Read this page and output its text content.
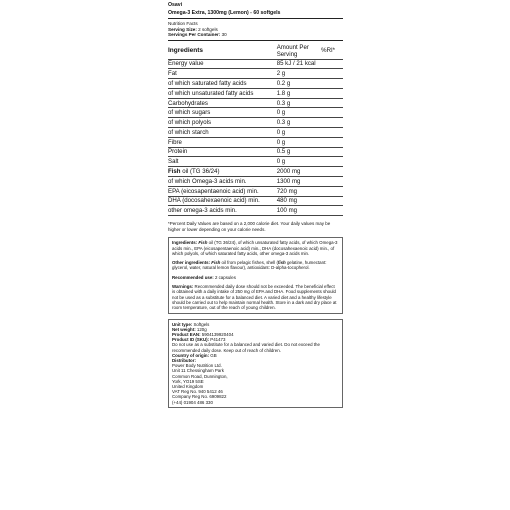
Osavi
Omega-3 Extra, 1300mg (Lemon) - 60 softgels
Nutrition Facts
Serving Size: 2 softgels
Servings Per Container: 30
Ingredients	Amount Per Serving	%RI*
Energy value	85 kJ / 21 kcal	
Fat	2 g	
of which saturated fatty acids	0.2 g	
of which unsaturated fatty acids	1.8 g	
Carbohydrates	0.3 g	
of which sugars	0 g	
of which polyols	0.3 g	
of which starch	0 g	
Fibre	0 g	
Protein	0.5 g	
Salt	0 g	
Fish oil (TG 36/24)	2000 mg	
of which Omega-3 acids min.	1300 mg	
EPA (eicosapentaenoic acid) min.	720 mg	
DHA (docosahexaenoic acid) min.	480 mg	
other omega-3 acids min.	100 mg	
*Percent Daily Values are based on a 2,000 calorie diet. Your daily values may be higher or lower depending on your calorie needs.

Ingredients: Fish oil (TG 36/24), of which unsaturated fatty acids, of which Omega-3 acids min., EPA (eicosapentaenoic acid) min., DHA (docosahexaenoic acid) min., of which polyols, of which saturated fatty acids, other omega-3 acids min.

Other ingredients: Fish oil from pelagic fishes, shell (fish gelatine, humectant: glycerol, water, natural lemon flavour), antioxidant: D-alpha-tocopherol.

Recommended use: 2 capsules

Warnings: Recommended daily dose should not be exceeded. The beneficial effect is obtained with a daily intake of 250 mg of EPA and DHA. Food supplements should not be used as a substitute for a balanced diet. A varied diet and a healthy lifestyle should be carried out to help maintain normal health. Store in a dark and dry place at room temperature, out of the reach of young children.

Unit type: Softgels
Net weight: 120g
Product EAN: 5904139920404
Product ID (SKU): P41473
Do not use as a substitute for a balanced and varied diet. Do not exceed the recommended daily dose. Keep out of reach of children.
Country of origin: GB
Distributor:
Power Body Nutrition Ltd.
Unit 11 Chessingham Park
Common Road, Dunnington,
York, YO19 5SE
United Kingdom
VAT Reg No. 940 5412 46
Company Reg No. 6909822
(+44) 01904 486 330
